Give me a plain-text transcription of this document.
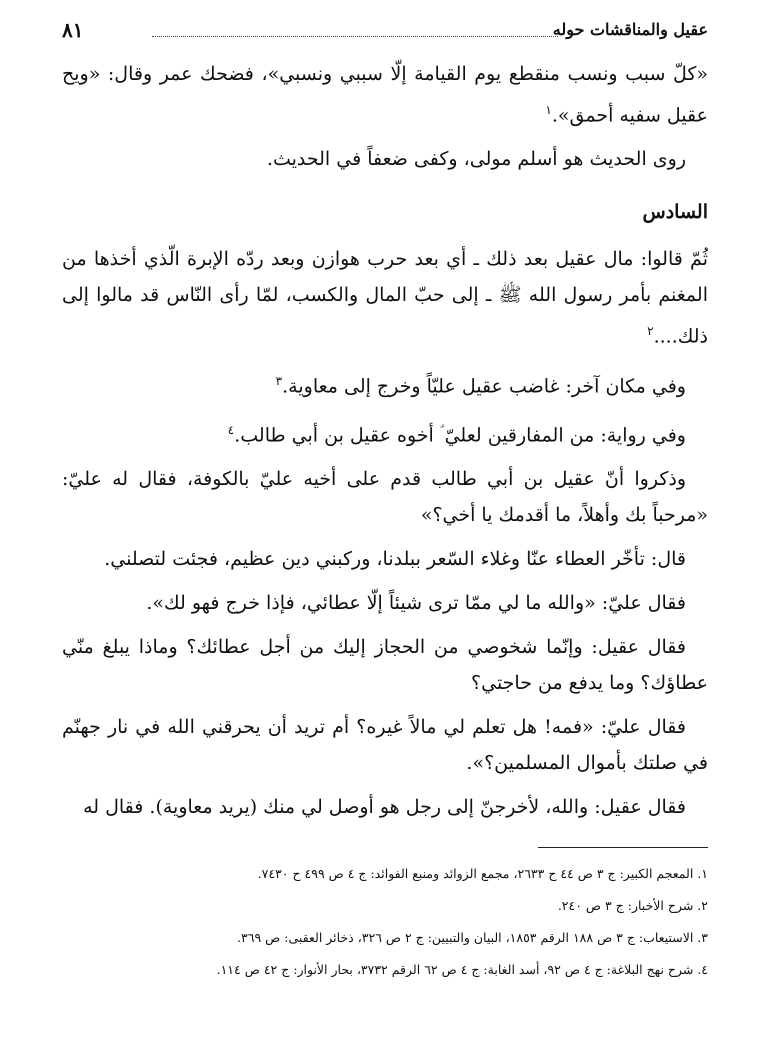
عقيل والمناقشات حوله
٨١

«كلّ سبب ونسب منقطع يوم القيامة إلّا سببي ونسبي»، فضحك عمر وقال: «ويح عقيل سفيه أحمق».$^١$

روى الحديث هو أسلم مولى، وكفى ضعفاً في الحديث.

السادس

ثُمّ قالوا: مال عقيل بعد ذلك ـ أي بعد حرب هوازن وبعد ردّه الإبرة الّذي أخذها من المغنم بأمر رسول الله ﷺ ـ إلى حبّ المال والكسب، لمّا رأى النّاس قد مالوا إلى ذلك....$^٢$

وفي مكان آخر: غاضب عقيل عليّاً وخرج إلى معاوية.$^٣$

وفي رواية: من المفارقين لعليّ ؑ أخوه عقيل بن أبي طالب.$^٤$

وذكروا أنّ عقيل بن أبي طالب قدم على أخيه عليّ بالكوفة، فقال له عليّ: «مرحباً بك وأهلاً، ما أقدمك يا أخي؟»

قال: تأخّر العطاء عنّا وغلاء السّعر ببلدنا، وركبني دين عظيم، فجئت لتصلني.

فقال عليّ: «والله ما لي ممّا ترى شيئاً إلّا عطائي، فإذا خرج فهو لك».

فقال عقيل: وإنّما شخوصي من الحجاز إليك من أجل عطائك؟ وماذا يبلغ منّي عطاؤك؟ وما يدفع من حاجتي؟

فقال عليّ: «فمه! هل تعلم لي مالاً غيره؟ أم تريد أن يحرقني الله في نار جهنّم في صلتك بأموال المسلمين؟».

فقال عقيل: والله، لأخرجنّ إلى رجل هو أوصل لي منك (يريد معاوية). فقال له

١. المعجم الكبير: ج ٣ ص ٤٤ ح ٢٦٣٣، مجمع الزوائد ومنبع الفوائد: ج ٤ ص ٤٩٩ ح ٧٤٣٠.

٢. شرح الأخبار: ج ٣ ص ٢٤٠.

٣. الاستيعاب: ج ٣ ص ١٨٨ الرقم ١٨٥٣، البيان والتبيين: ج ٢ ص ٣٢٦، ذخائر العقبى: ص ٣٦٩.

٤. شرح نهج البلاغة: ج ٤ ص ٩٢، أسد الغابة: ج ٤ ص ٦٢ الرقم ٣٧٣٢، بحار الأنوار: ج ٤٢ ص ١١٤.
